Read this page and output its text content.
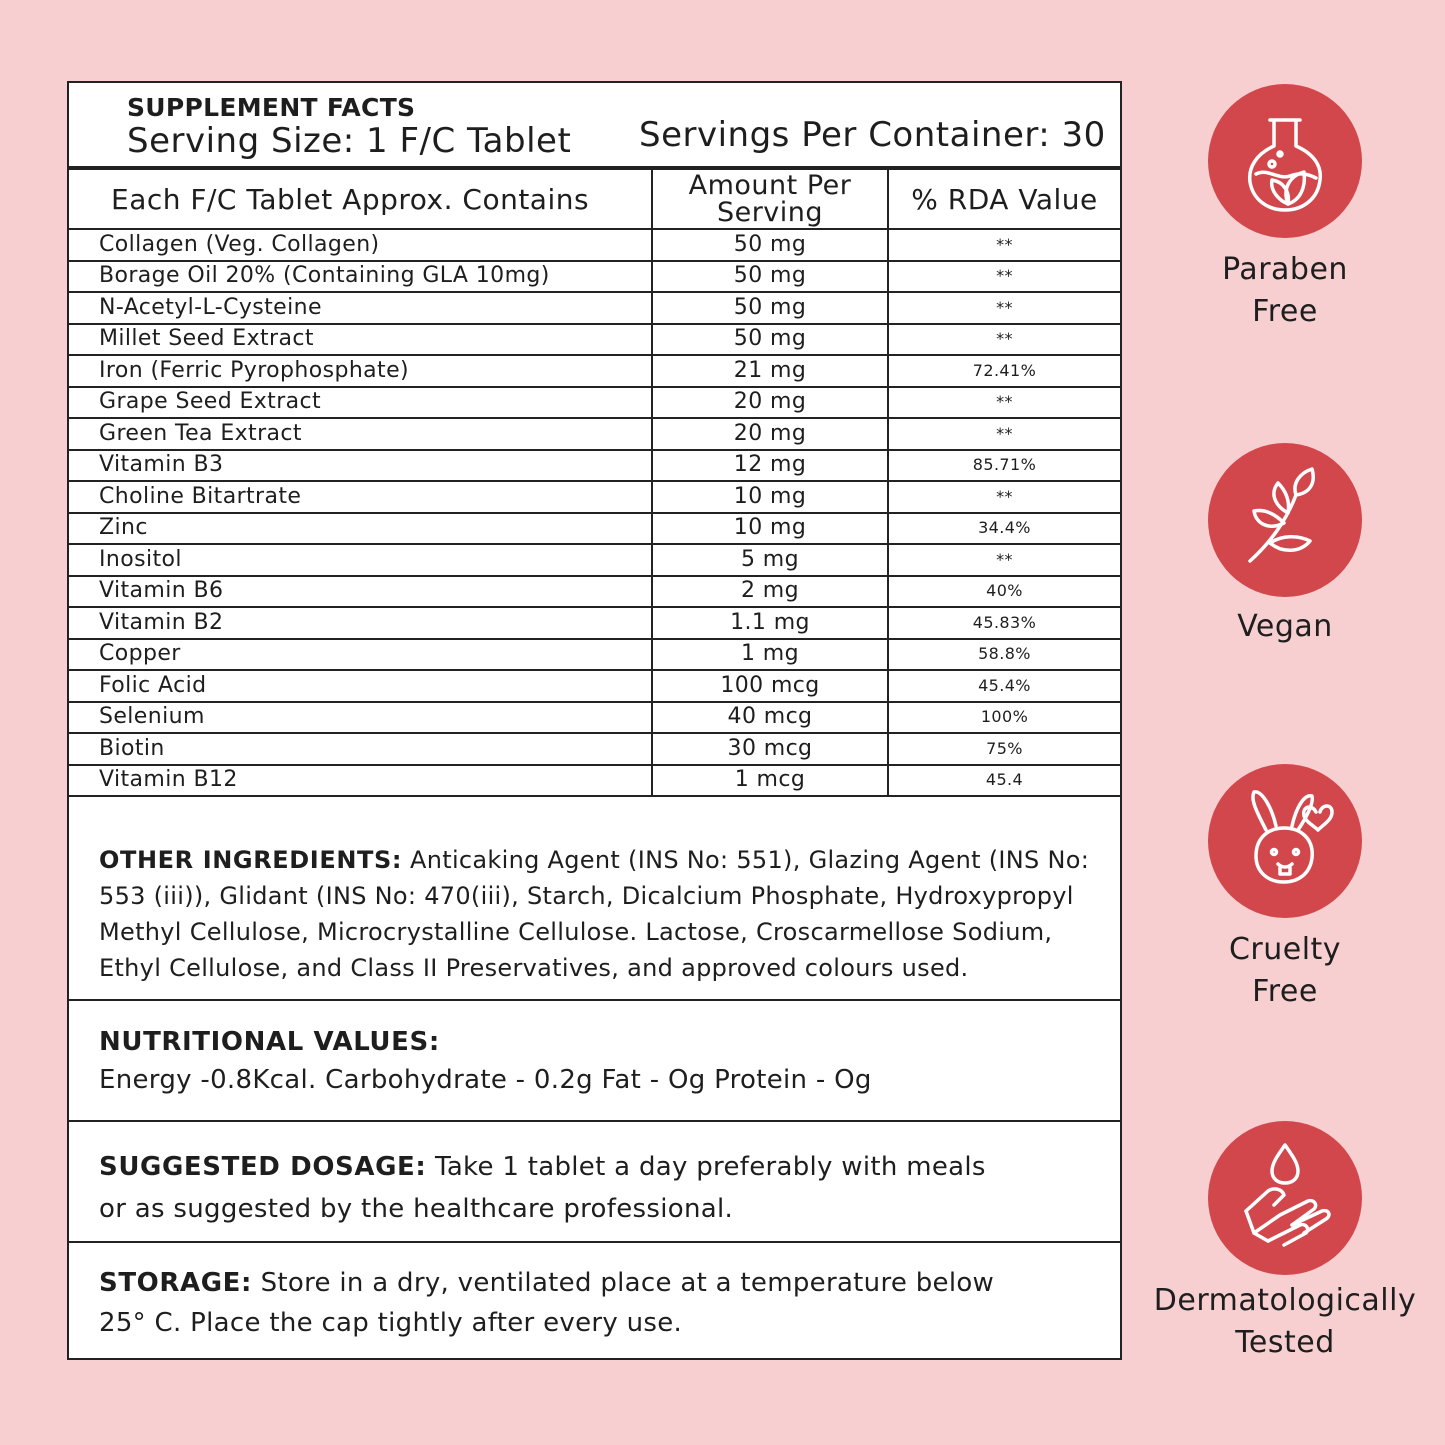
SUPPLEMENT FACTS
Serving Size: 1 F/C Tablet Servings Per Container: 30
Each F/C Tablet Approx. Contains	Amount Per Serving	% RDA Value
Collagen (Veg. Collagen)	50 mg	**
Borage Oil 20% (Containing GLA 10mg)	50 mg	**
N-Acetyl-L-Cysteine	50 mg	**
Millet Seed Extract	50 mg	**
Iron (Ferric Pyrophosphate)	21 mg	72.41%
Grape Seed Extract	20 mg	**
Green Tea Extract	20 mg	**
Vitamin B3	12 mg	85.71%
Choline Bitartrate	10 mg	**
Zinc	10 mg	34.4%
Inositol	5 mg	**
Vitamin B6	2 mg	40%
Vitamin B2	1.1 mg	45.83%
Copper	1 mg	58.8%
Folic Acid	100 mcg	45.4%
Selenium	40 mcg	100%
Biotin	30 mcg	75%
Vitamin B12	1 mcg	45.4
OTHER INGREDIENTS: Anticaking Agent (INS No: 551), Glazing Agent (INS No: 553 (iii)), Glidant (INS No: 470(iii), Starch, Dicalcium Phosphate, Hydroxypropyl Methyl Cellulose, Microcrystalline Cellulose. Lactose, Croscarmellose Sodium, Ethyl Cellulose, and Class II Preservatives, and approved colours used.
NUTRITIONAL VALUES:
Energy -0.8Kcal. Carbohydrate - 0.2g Fat - Og Protein - Og
SUGGESTED DOSAGE: Take 1 tablet a day preferably with meals
or as suggested by the healthcare professional.
STORAGE: Store in a dry, ventilated place at a temperature below
25° C. Place the cap tightly after every use.
Paraben
Free
Vegan
Cruelty
Free
Dermatologically
Tested
